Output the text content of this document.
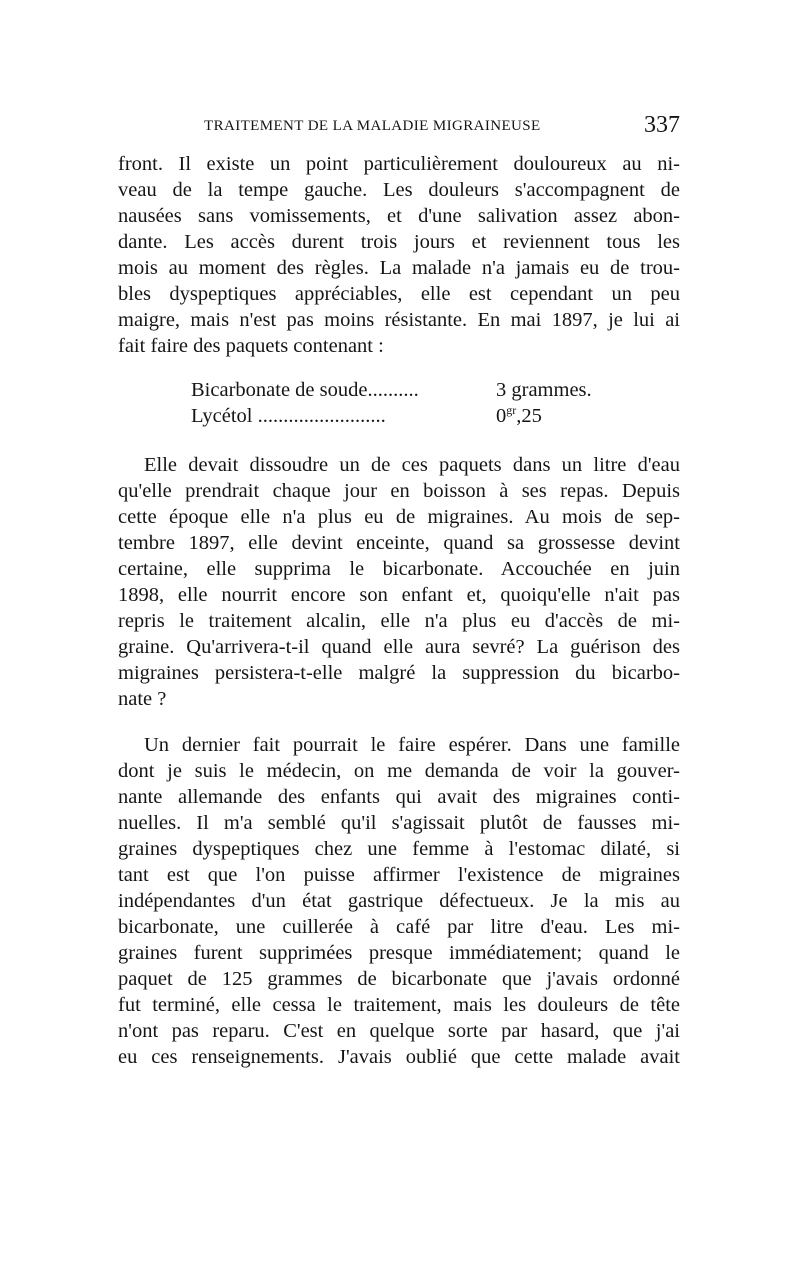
TRAITEMENT DE LA MALADIE MIGRAINEUSE	337
front. Il existe un point particulièrement douloureux au ni-
veau de la tempe gauche. Les douleurs s'accompagnent de
nausées sans vomissements, et d'une salivation assez abon-
dante. Les accès durent trois jours et reviennent tous les
mois au moment des règles. La malade n'a jamais eu de trou-
bles dyspeptiques appréciables, elle est cependant un peu
maigre, mais n'est pas moins résistante. En mai 1897, je lui ai
fait faire des paquets contenant :
Bicarbonate de soude..........	3 grammes.
Lycétol .........................	$0^{gr},25$
Elle devait dissoudre un de ces paquets dans un litre d'eau
qu'elle prendrait chaque jour en boisson à ses repas. Depuis
cette époque elle n'a plus eu de migraines. Au mois de sep-
tembre 1897, elle devint enceinte, quand sa grossesse devint
certaine, elle supprima le bicarbonate. Accouchée en juin
1898, elle nourrit encore son enfant et, quoiqu'elle n'ait pas
repris le traitement alcalin, elle n'a plus eu d'accès de mi-
graine. Qu'arrivera-t-il quand elle aura sevré? La guérison des
migraines persistera-t-elle malgré la suppression du bicarbo-
nate ?
Un dernier fait pourrait le faire espérer. Dans une famille
dont je suis le médecin, on me demanda de voir la gouver-
nante allemande des enfants qui avait des migraines conti-
nuelles. Il m'a semblé qu'il s'agissait plutôt de fausses mi-
graines dyspeptiques chez une femme à l'estomac dilaté, si
tant est que l'on puisse affirmer l'existence de migraines
indépendantes d'un état gastrique défectueux. Je la mis au
bicarbonate, une cuillerée à café par litre d'eau. Les mi-
graines furent supprimées presque immédiatement; quand le
paquet de 125 grammes de bicarbonate que j'avais ordonné
fut terminé, elle cessa le traitement, mais les douleurs de tête
n'ont pas reparu. C'est en quelque sorte par hasard, que j'ai
eu ces renseignements. J'avais oublié que cette malade avait
